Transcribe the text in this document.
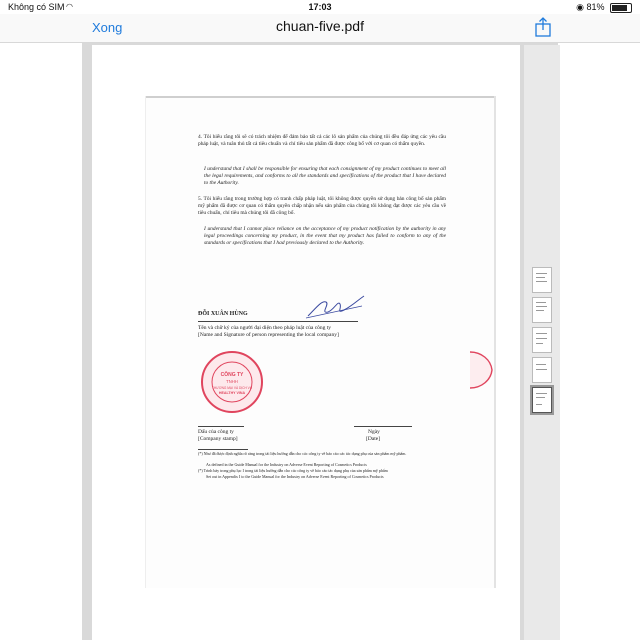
Không có SIM ◠	17:03	◉ 81%
Xong	chuan-five.pdf
4. Tôi hiểu rằng tôi sẽ có trách nhiệm để đảm bảo tất cả các lô sản phẩm của chúng tôi đều đáp ứng các yêu cầu pháp luật, và tuân thủ tất cả tiêu chuẩn và chỉ tiêu sản phẩm đã được công bố với cơ quan có thẩm quyền.
I understand that I shall be responsible for ensuring that each consignment of my product continues to meet all the legal requirements, and conforms to all the standards and specifications of the product that I have declared to the Authority.
5. Tôi hiểu rằng trong trường hợp có tranh chấp pháp luật, tôi không được quyền sử dụng bản công bố sản phẩm mỹ phẩm đã được cơ quan có thẩm quyền chấp nhận nếu sản phẩm của chúng tôi không đạt được các yêu cầu về tiêu chuẩn, chỉ tiêu mà chúng tôi đã công bố.
I understand that I cannot place reliance on the acceptance of my product notification by the authority in any legal proceedings concerning my product, in the event that my product has failed to conform to any of the standards or specifications that I had previously declared to the Authority.
ĐỖI XUÂN HÙNG
Tên và chữ ký của người đại diện theo pháp luật của công ty
[Name and Signature of person representing the local company]
CÔNG TY
TNHH
THƯƠNG MẠI VÀ DỊCH VỤ
HEALTHY VINA
Dấu của công ty
[Company stamp]
Ngày
[Date]
(*) Như đã được định nghĩa rõ ràng trong tài liệu hướng dẫn cho các công ty về báo cáo các tác dụng phụ của sản phẩm mỹ phẩm.
As defined in the Guide Manual for the Industry on Adverse Event Reporting of Cosmetics Products
(*) Trình bày trong phụ lục I trong tài liệu hướng dẫn cho các công ty về báo cáo tác dụng phụ của sản phẩm mỹ phẩm
Set out in Appendix I to the Guide Manual for the Industry on Adverse Event Reporting of Cosmetics Products
